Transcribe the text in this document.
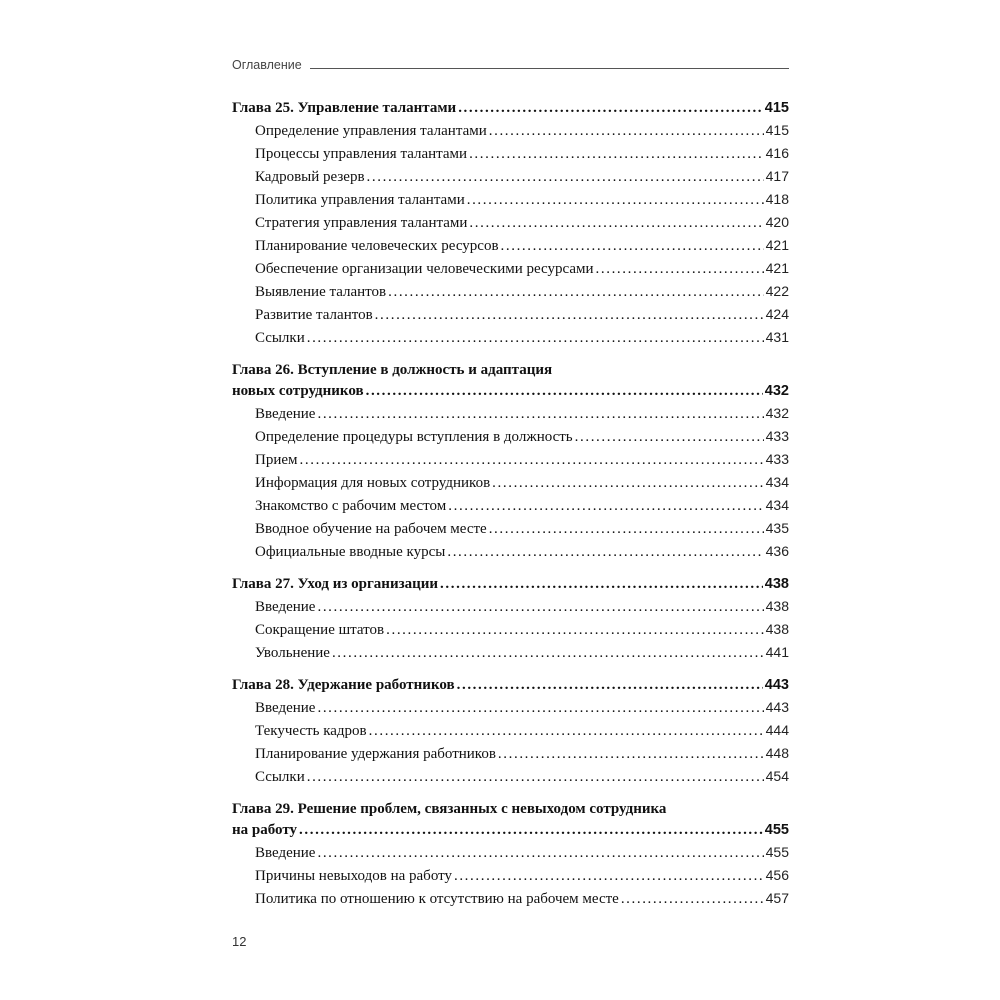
Оглавление
Глава 25. Управление талантами .....	415
Определение управления талантами .....	415
Процессы управления талантами .....	416
Кадровый резерв .....	417
Политика управления талантами .....	418
Стратегия управления талантами .....	420
Планирование человеческих ресурсов .....	421
Обеспечение организации человеческими ресурсами .....	421
Выявление талантов .....	422
Развитие талантов .....	424
Ссылки .....	431
Глава 26. Вступление в должность и адаптация
новых сотрудников .....	432
Введение .....	432
Определение процедуры вступления в должность .....	433
Прием .....	433
Информация для новых сотрудников .....	434
Знакомство с рабочим местом .....	434
Вводное обучение на рабочем месте .....	435
Официальные вводные курсы .....	436
Глава 27. Уход из организации .....	438
Введение .....	438
Сокращение штатов .....	438
Увольнение .....	441
Глава 28. Удержание работников .....	443
Введение .....	443
Текучесть кадров .....	444
Планирование удержания работников .....	448
Ссылки .....	454
Глава 29. Решение проблем, связанных с невыходом сотрудника
на работу .....	455
Введение .....	455
Причины невыходов на работу .....	456
Политика по отношению к отсутствию на рабочем месте .....	457
12
